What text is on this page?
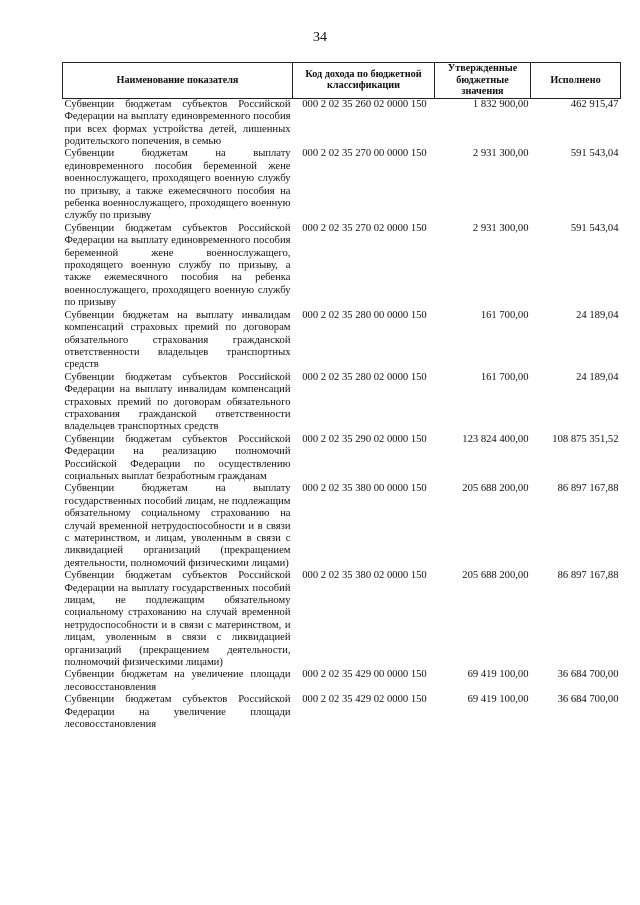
34
Наименование показателя	Код дохода по бюджетной классификации	Утвержденные бюджетные значения	Исполнено
Субвенции бюджетам субъектов Российской Федерации на выплату единовременного пособия при всех формах устройства детей, лишенных родительского попечения, в семью	000 2 02 35 260 02 0000 150	1 832 900,00	462 915,47
Субвенции бюджетам на выплату единовременного пособия беременной жене военнослужащего, проходящего военную службу по призыву, а также ежемесячного пособия на ребенка военнослужащего, проходящего военную службу по призыву	000 2 02 35 270 00 0000 150	2 931 300,00	591 543,04
Субвенции бюджетам субъектов Российской Федерации на выплату единовременного пособия беременной жене военнослужащего, проходящего военную службу по призыву, а также ежемесячного пособия на ребенка военнослужащего, проходящего военную службу по призыву	000 2 02 35 270 02 0000 150	2 931 300,00	591 543,04
Субвенции бюджетам на выплату инвалидам компенсаций страховых премий по договорам обязательного страхования гражданской ответственности владельцев транспортных средств	000 2 02 35 280 00 0000 150	161 700,00	24 189,04
Субвенции бюджетам субъектов Российской Федерации на выплату инвалидам компенсаций страховых премий по договорам обязательного страхования гражданской ответственности владельцев транспортных средств	000 2 02 35 280 02 0000 150	161 700,00	24 189,04
Субвенции бюджетам субъектов Российской Федерации на реализацию полномочий Российской Федерации по осуществлению социальных выплат безработным гражданам	000 2 02 35 290 02 0000 150	123 824 400,00	108 875 351,52
Субвенции бюджетам на выплату государственных пособий лицам, не подлежащим обязательному социальному страхованию на случай временной нетрудоспособности и в связи с материнством, и лицам, уволенным в связи с ликвидацией организаций (прекращением деятельности, полномочий физическими лицами)	000 2 02 35 380 00 0000 150	205 688 200,00	86 897 167,88
Субвенции бюджетам субъектов Российской Федерации на выплату государственных пособий лицам, не подлежащим обязательному социальному страхованию на случай временной нетрудоспособности и в связи с материнством, и лицам, уволенным в связи с ликвидацией организаций (прекращением деятельности, полномочий физическими лицами)	000 2 02 35 380 02 0000 150	205 688 200,00	86 897 167,88
Субвенции бюджетам на увеличение площади лесовосстановления	000 2 02 35 429 00 0000 150	69 419 100,00	36 684 700,00
Субвенции бюджетам субъектов Российской Федерации на увеличение площади лесовосстановления	000 2 02 35 429 02 0000 150	69 419 100,00	36 684 700,00
